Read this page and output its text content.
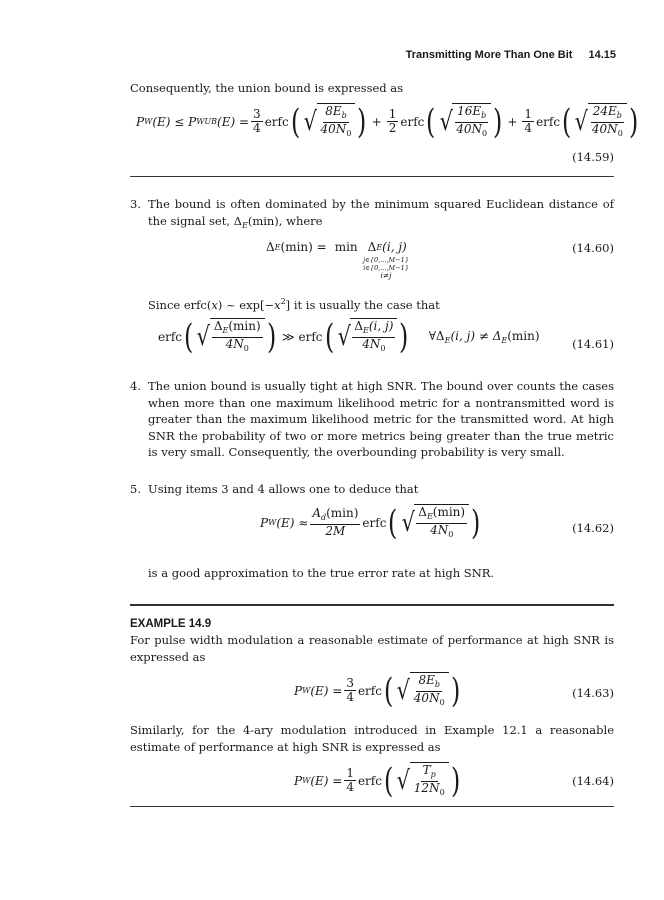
Transmitting More Than One Bit 14.15
Consequently, the union bound is expressed as
P W (E) ≤ P WUB $(E) = \frac{3}{4}$ erfc ( √ $\frac{8E_b}{40N_0}$ ) + $\frac{1}{2}$ erfc ( √ $\frac{16E_b}{40N_0}$ ) + $\frac{1}{4}$ erfc ( √ $\frac{24E_b}{40N_0}$ )
(14.59)
3. The bound is often dominated by the minimum squared Euclidean distance of the signal set, $\Delta_E(\min)$, where
Δ E (min) = min Δ E (i, j)
j∈{0,...,M−1}
i∈{0,...,M−1}
i≠j
(14.60)
Since erfc(x) ~ $\exp[-x^2]$ it is usually the case that
erfc ( √ $\frac{\Delta_E(\min)}{4N_0}$ ) ≫ erfc ( √ $\frac{\Delta_E(i, j)}{4N_0}$ ) $\forall\Delta_E(i$, $j) \ne \Delta_E(\min)$
(14.61)
4. The union bound is usually tight at high SNR. The bound over counts the cases when more than one maximum likelihood metric for a nontransmitted word is greater than the maximum likelihood metric for the transmitted word. At high SNR the probability of two or more metrics being greater than the true metric is very small. Consequently, the overbounding probability is very small.
5. Using items 3 and 4 allows one to deduce that
P W $(E) \approx \frac{A_d(\min)}{2M}$ erfc ( √ $\frac{\Delta_E(\min)}{4N_0}$ )	(14.62)
is a good approximation to the true error rate at high SNR.
EXAMPLE 14.9
For pulse width modulation a reasonable estimate of performance at high SNR is expressed as
P W $(E) = \frac{3}{4}$ erfc ( √ $\frac{8E_b}{40N_0}$ )	(14.63)
Similarly, for the 4-ary modulation introduced in Example 12.1 a reasonable estimate of performance at high SNR is expressed as
P W $(E) = \frac{1}{4}$ erfc ( √ $\frac{T_p}{12N_0}$ )	(14.64)
